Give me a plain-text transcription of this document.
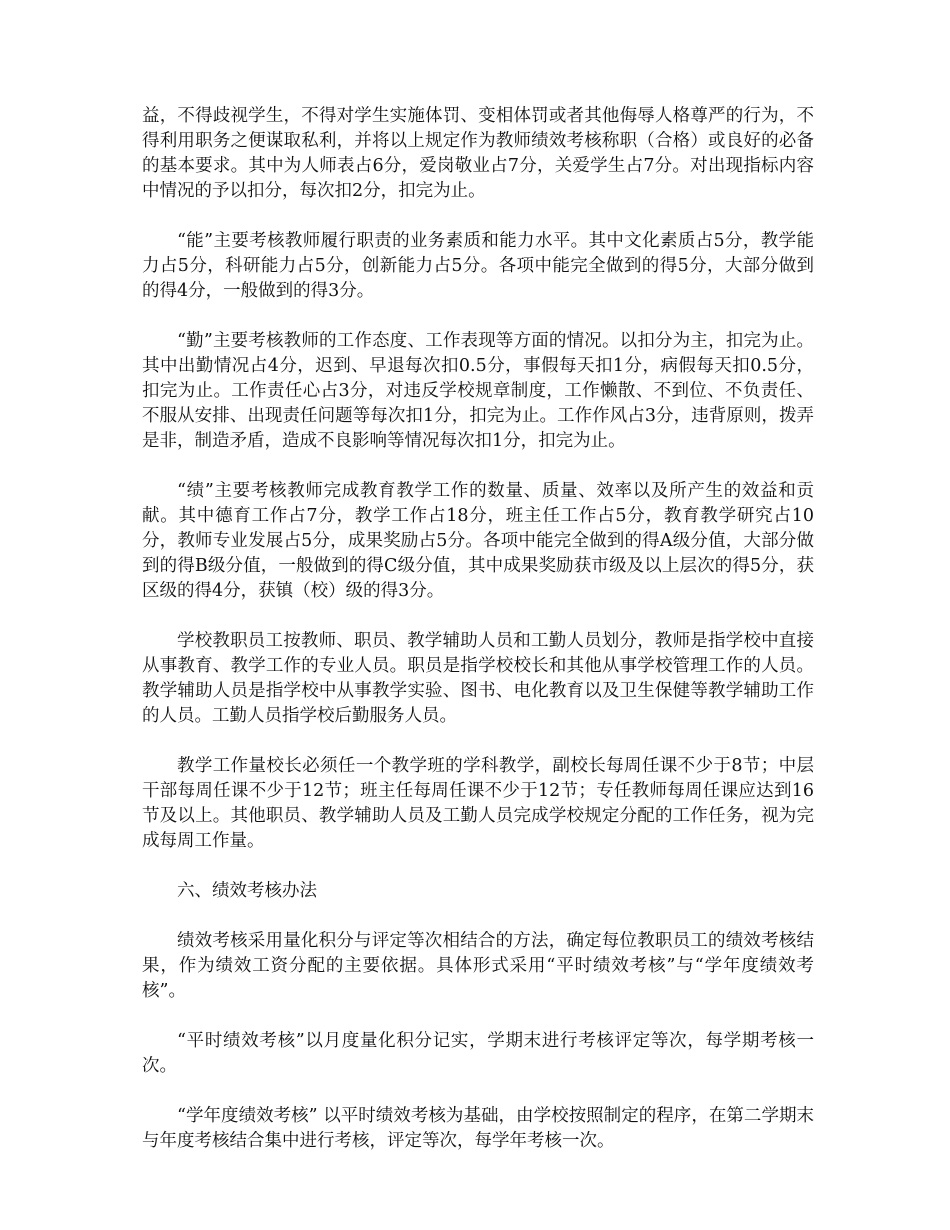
益，不得歧视学生，不得对学生实施体罚、变相体罚或者其他侮辱人格尊严的行为，不得利用职务之便谋取私利，并将以上规定作为教师绩效考核称职（合格）或良好的必备的基本要求。其中为人师表占6分，爱岗敬业占7分，关爱学生占7分。对出现指标内容中情况的予以扣分，每次扣2分，扣完为止。

“能”主要考核教师履行职责的业务素质和能力水平。其中文化素质占5分，教学能力占5分，科研能力占5分，创新能力占5分。各项中能完全做到的得5分，大部分做到的得4分，一般做到的得3分。

“勤”主要考核教师的工作态度、工作表现等方面的情况。以扣分为主，扣完为止。其中出勤情况占4分，迟到、早退每次扣0.5分，事假每天扣1分，病假每天扣0.5分，扣完为止。工作责任心占3分，对违反学校规章制度，工作懒散、不到位、不负责任、不服从安排、出现责任问题等每次扣1分，扣完为止。工作作风占3分，违背原则，拨弄是非，制造矛盾，造成不良影响等情况每次扣1分，扣完为止。

“绩”主要考核教师完成教育教学工作的数量、质量、效率以及所产生的效益和贡献。其中德育工作占7分，教学工作占18分，班主任工作占5分，教育教学研究占10分，教师专业发展占5分，成果奖励占5分。各项中能完全做到的得A级分值，大部分做到的得B级分值，一般做到的得C级分值，其中成果奖励获市级及以上层次的得5分，获区级的得4分，获镇（校）级的得3分。

学校教职员工按教师、职员、教学辅助人员和工勤人员划分，教师是指学校中直接从事教育、教学工作的专业人员。职员是指学校校长和其他从事学校管理工作的人员。教学辅助人员是指学校中从事教学实验、图书、电化教育以及卫生保健等教学辅助工作的人员。工勤人员指学校后勤服务人员。

教学工作量校长必须任一个教学班的学科教学，副校长每周任课不少于8节；中层干部每周任课不少于12节；班主任每周任课不少于12节；专任教师每周任课应达到16节及以上。其他职员、教学辅助人员及工勤人员完成学校规定分配的工作任务，视为完成每周工作量。

六、绩效考核办法

绩效考核采用量化积分与评定等次相结合的方法，确定每位教职员工的绩效考核结果，作为绩效工资分配的主要依据。具体形式采用“平时绩效考核”与“学年度绩效考核”。

“平时绩效考核”以月度量化积分记实，学期末进行考核评定等次，每学期考核一次。

“学年度绩效考核” 以平时绩效考核为基础，由学校按照制定的程序，在第二学期末与年度考核结合集中进行考核，评定等次，每学年考核一次。
